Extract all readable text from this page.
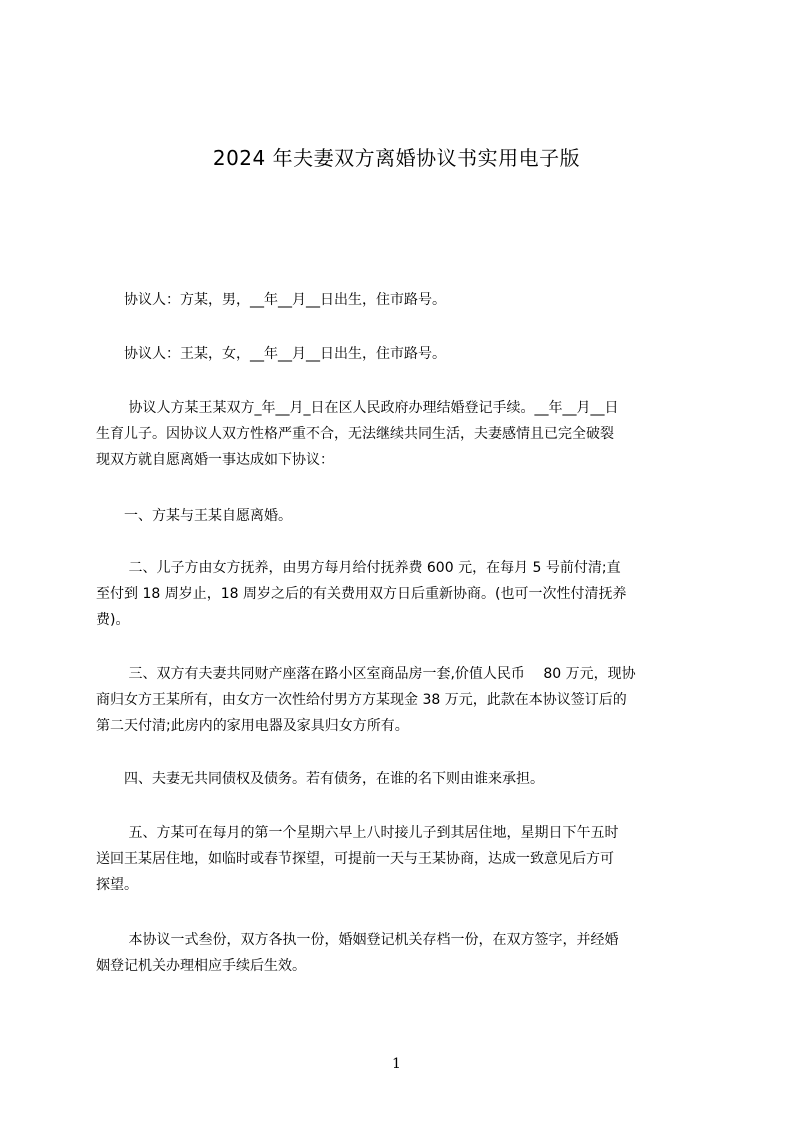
2024 年夫妻双方离婚协议书实用电子版
　　协议人：方某，男，__年__月__日出生，住市路号。
　　协议人：王某，女，__年__月__日出生，住市路号。
　　 协议人方某王某双方_年__月_日在区人民政府办理结婚登记手续。__年__月__日
生育儿子。因协议人双方性格严重不合，无法继续共同生活，夫妻感情且已完全破裂
现双方就自愿离婚一事达成如下协议：
　　一、方某与王某自愿离婚。
　　 二、儿子方由女方抚养，由男方每月给付抚养费 600 元，在每月 5 号前付清;直
至付到 18 周岁止，18 周岁之后的有关费用双方日后重新协商。(也可一次性付清抚养
费)。
　　 三、双方有夫妻共同财产座落在路小区室商品房一套,价值人民币　 80 万元，现协
商归女方王某所有，由女方一次性给付男方方某现金 38 万元，此款在本协议签订后的
第二天付清;此房内的家用电器及家具归女方所有。
　　四、夫妻无共同债权及债务。若有债务，在谁的名下则由谁来承担。
　　 五、方某可在每月的第一个星期六早上八时接儿子到其居住地，星期日下午五时
送回王某居住地，如临时或春节探望，可提前一天与王某协商，达成一致意见后方可
探望。
　　 本协议一式叁份，双方各执一份，婚姻登记机关存档一份，在双方签字，并经婚
姻登记机关办理相应手续后生效。
1
